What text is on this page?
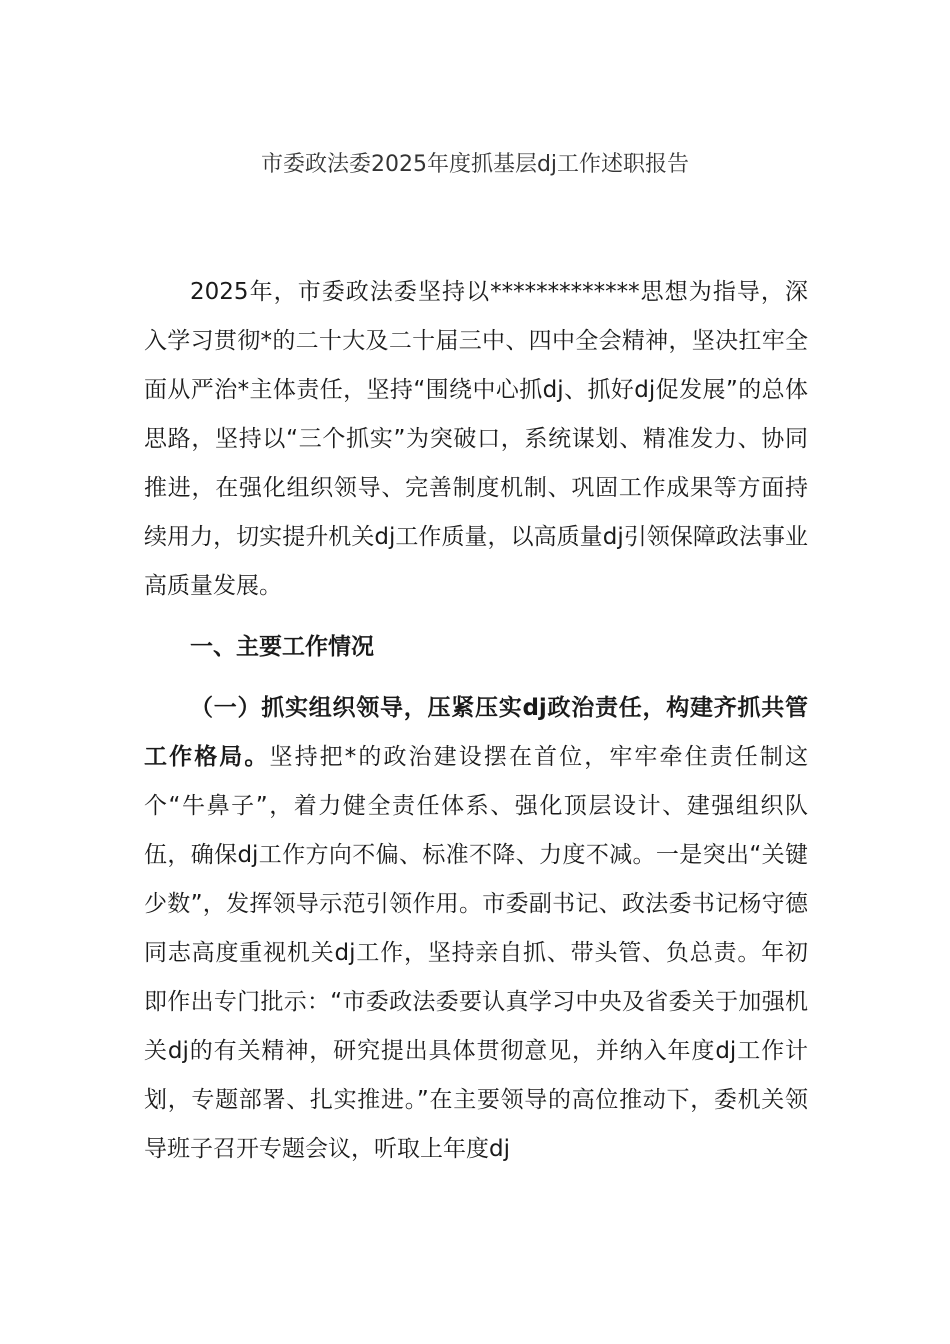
市委政法委2025年度抓基层dj工作述职报告

2025年，市委政法委坚持以*************思想为指导，深入学习贯彻*的二十大及二十届三中、四中全会精神，坚决扛牢全面从严治*主体责任，坚持“围绕中心抓dj、抓好dj促发展”的总体思路，坚持以“三个抓实”为突破口，系统谋划、精准发力、协同推进，在强化组织领导、完善制度机制、巩固工作成果等方面持续用力，切实提升机关dj工作质量，以高质量dj引领保障政法事业高质量发展。

一、主要工作情况

（一）抓实组织领导，压紧压实dj政治责任，构建齐抓共管工作格局。坚持把*的政治建设摆在首位，牢牢牵住责任制这个“牛鼻子”，着力健全责任体系、强化顶层设计、建强组织队伍，确保dj工作方向不偏、标准不降、力度不减。一是突出“关键少数”，发挥领导示范引领作用。市委副书记、政法委书记杨守德同志高度重视机关dj工作，坚持亲自抓、带头管、负总责。年初即作出专门批示：“市委政法委要认真学习中央及省委关于加强机关dj的有关精神，研究提出具体贯彻意见，并纳入年度dj工作计划，专题部署、扎实推进。”在主要领导的高位推动下，委机关领导班子召开专题会议，听取上年度dj
